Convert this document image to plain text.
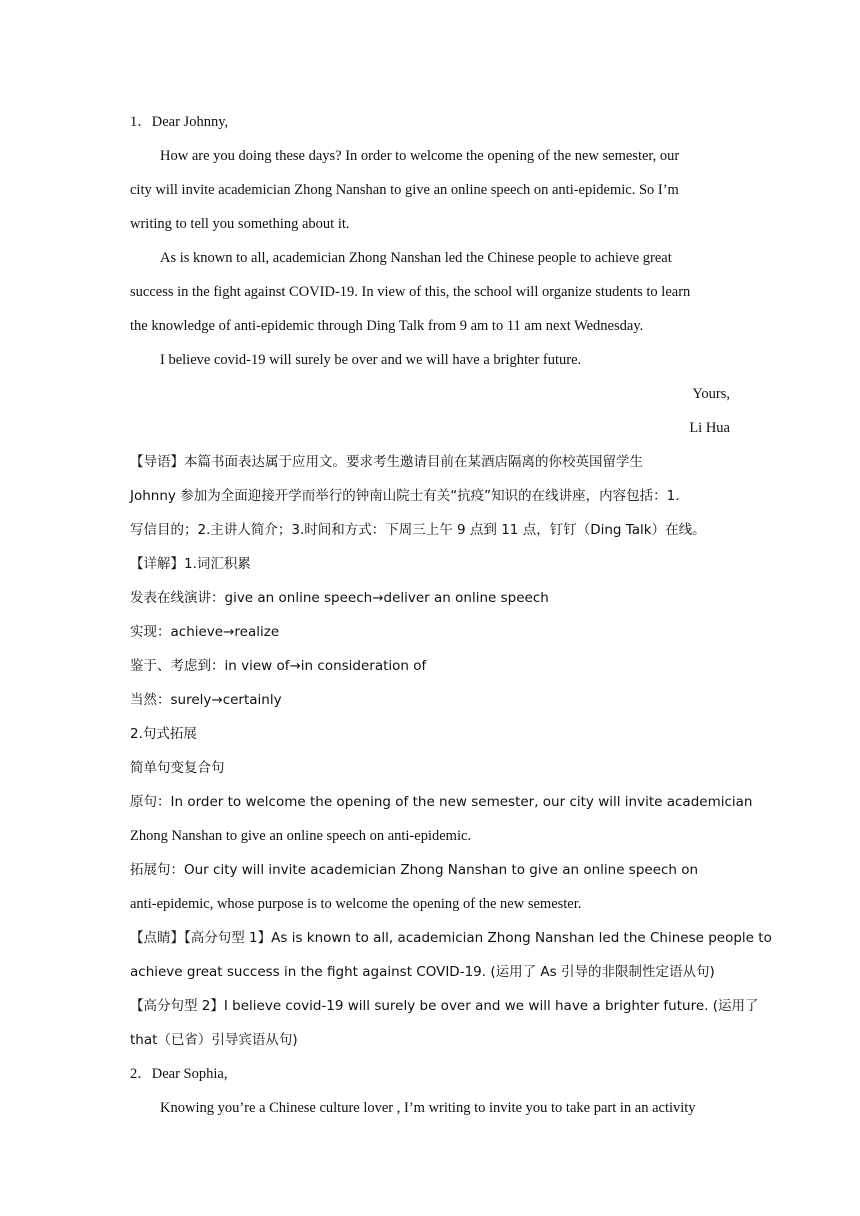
1．Dear Johnny,
How are you doing these days? In order to welcome the opening of the new semester, our
city will invite academician Zhong Nanshan to give an online speech on anti-epidemic. So I’m
writing to tell you something about it.
As is known to all, academician Zhong Nanshan led the Chinese people to achieve great
success in the fight against COVID-19. In view of this, the school will organize students to learn
the knowledge of anti-epidemic through Ding Talk from 9 am to 11 am next Wednesday.
I believe covid-19 will surely be over and we will have a brighter future.
Yours,
Li Hua
【导语】本篇书面表达属于应用文。要求考生邀请目前在某酒店隔离的你校英国留学生
Johnny 参加为全面迎接开学而举行的钟南山院士有关“抗疫”知识的在线讲座，内容包括：1.
写信目的；2.主讲人简介；3.时间和方式：下周三上午 9 点到 11 点，钉钉（Ding Talk）在线。
【详解】1.词汇积累
发表在线演讲：give an online speech→deliver an online speech
实现：achieve→realize
鉴于、考虑到：in view of→in consideration of
当然：surely→certainly
2.句式拓展
简单句变复合句
原句：In order to welcome the opening of the new semester, our city will invite academician
Zhong Nanshan to give an online speech on anti-epidemic.
拓展句：Our city will invite academician Zhong Nanshan to give an online speech on
anti-epidemic, whose purpose is to welcome the opening of the new semester.
【点睛】【高分句型 1】As is known to all, academician Zhong Nanshan led the Chinese people to
achieve great success in the fight against COVID-19. (运用了 As 引导的非限制性定语从句)
【高分句型 2】I believe covid-19 will surely be over and we will have a brighter future. (运用了
that（已省）引导宾语从句)
2．Dear Sophia,
Knowing you’re a Chinese culture lover , I’m writing to invite you to take part in an activity
